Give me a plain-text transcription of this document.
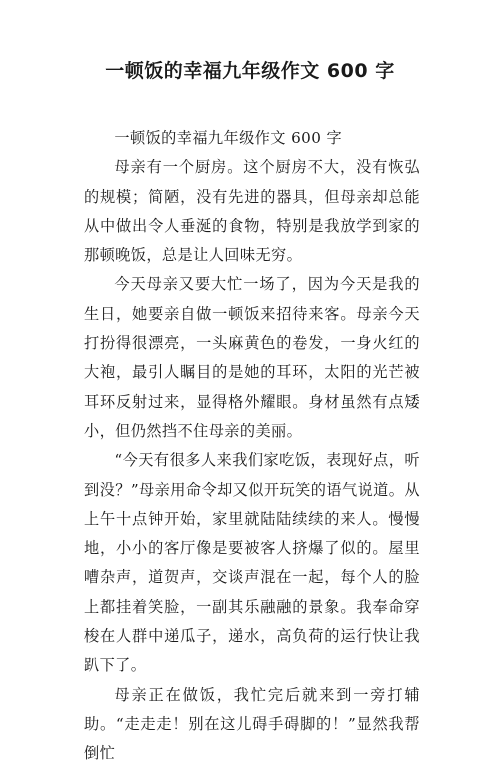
一顿饭的幸福九年级作文 600 字

一顿饭的幸福九年级作文 600 字

母亲有一个厨房。这个厨房不大，没有恢弘的规模；简陋，没有先进的器具，但母亲却总能从中做出令人垂涎的食物，特别是我放学到家的那顿晚饭，总是让人回味无穷。

今天母亲又要大忙一场了，因为今天是我的生日，她要亲自做一顿饭来招待来客。母亲今天打扮得很漂亮，一头麻黄色的卷发，一身火红的大袍，最引人瞩目的是她的耳环，太阳的光芒被耳环反射过来，显得格外耀眼。身材虽然有点矮小，但仍然挡不住母亲的美丽。

“今天有很多人来我们家吃饭，表现好点，听到没？”母亲用命令却又似开玩笑的语气说道。从上午十点钟开始，家里就陆陆续续的来人。慢慢地，小小的客厅像是要被客人挤爆了似的。屋里嘈杂声，道贺声，交谈声混在一起，每个人的脸上都挂着笑脸，一副其乐融融的景象。我奉命穿梭在人群中递瓜子，递水，高负荷的运行快让我趴下了。

母亲正在做饭，我忙完后就来到一旁打辅助。“走走走！别在这儿碍手碍脚的！”显然我帮倒忙
